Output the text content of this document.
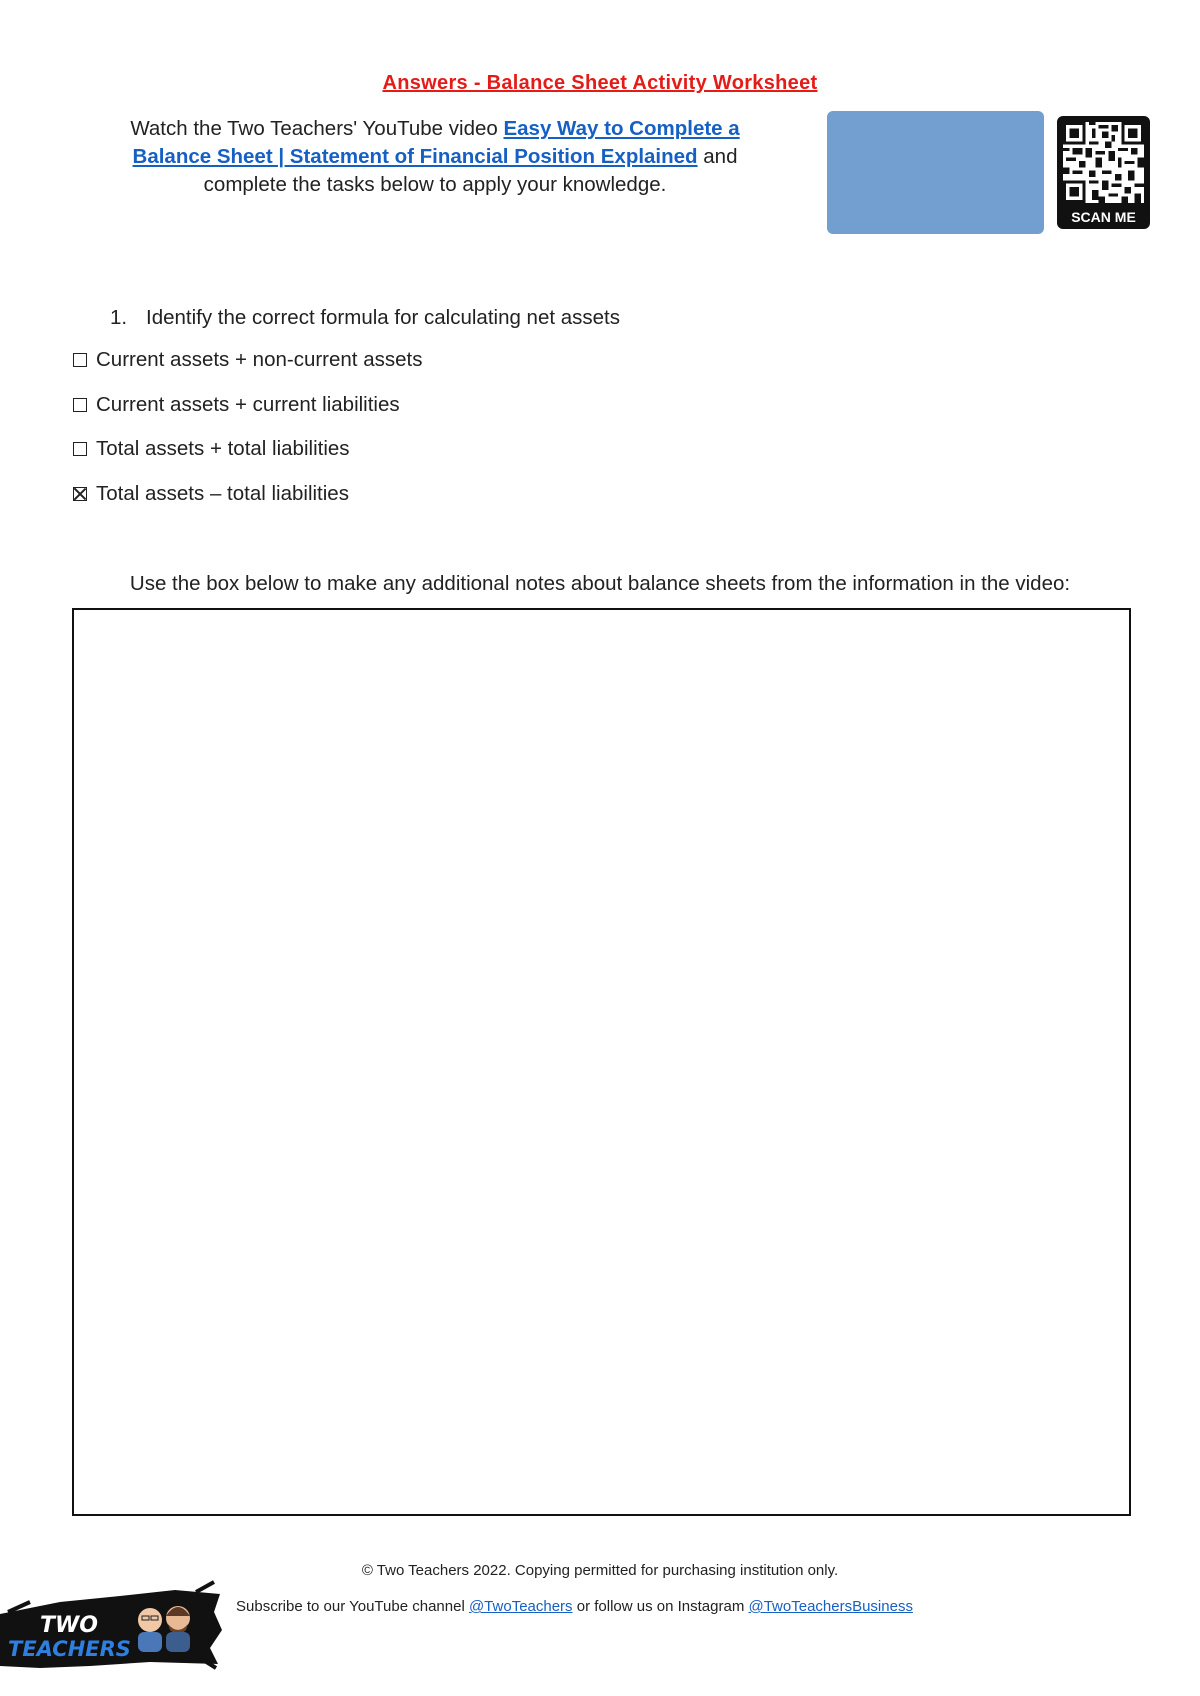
Answers - Balance Sheet Activity Worksheet
Watch the Two Teachers' YouTube video Easy Way to Complete a Balance Sheet | Statement of Financial Position Explained and complete the tasks below to apply your knowledge.
SCAN ME
1. Identify the correct formula for calculating net assets
Current assets + non-current assets
Current assets + current liabilities
Total assets + total liabilities
Total assets – total liabilities
Use the box below to make any additional notes about balance sheets from the information in the video:
TWO
TEACHERS
© Two Teachers 2022. Copying permitted for purchasing institution only.
Subscribe to our YouTube channel @TwoTeachers or follow us on Instagram @TwoTeachersBusiness
